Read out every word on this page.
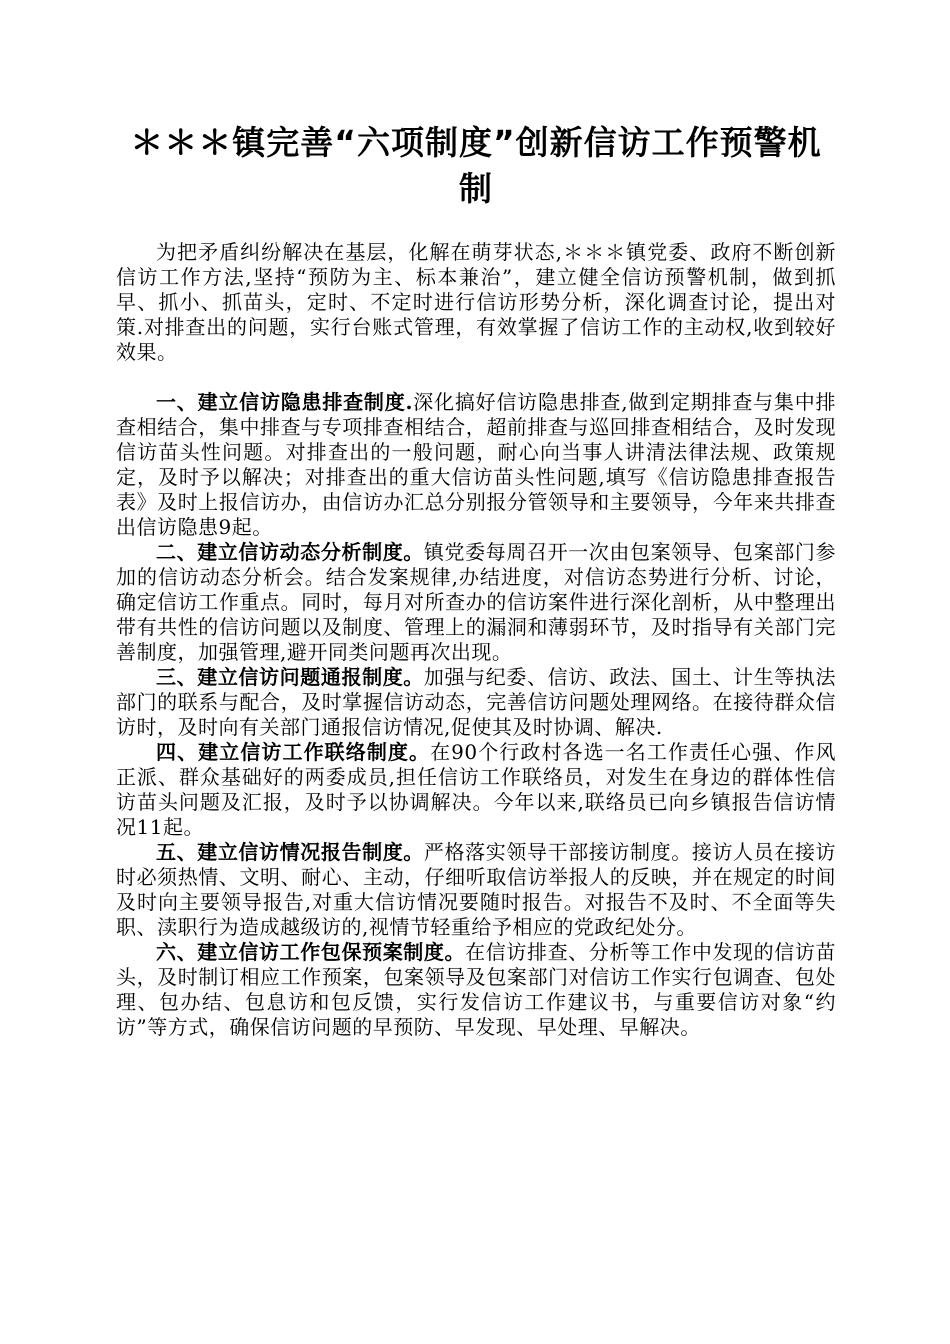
＊＊＊镇完善“六项制度”创新信访工作预警机制

为把矛盾纠纷解决在基层，化解在萌芽状态,＊＊＊镇党委、政府不断创新信访工作方法,坚持“预防为主、标本兼治”，建立健全信访预警机制，做到抓早、抓小、抓苗头，定时、不定时进行信访形势分析，深化调查讨论，提出对策.对排查出的问题，实行台账式管理，有效掌握了信访工作的主动权,收到较好效果。

一、建立信访隐患排查制度.深化搞好信访隐患排查,做到定期排查与集中排查相结合，集中排查与专项排查相结合，超前排查与巡回排查相结合，及时发现信访苗头性问题。对排查出的一般问题，耐心向当事人讲清法律法规、政策规定，及时予以解决；对排查出的重大信访苗头性问题,填写《信访隐患排查报告表》及时上报信访办，由信访办汇总分别报分管领导和主要领导，今年来共排查出信访隐患9起。

二、建立信访动态分析制度。镇党委每周召开一次由包案领导、包案部门参加的信访动态分析会。结合发案规律,办结进度，对信访态势进行分析、讨论，确定信访工作重点。同时，每月对所查办的信访案件进行深化剖析，从中整理出带有共性的信访问题以及制度、管理上的漏洞和薄弱环节，及时指导有关部门完善制度，加强管理,避开同类问题再次出现。

三、建立信访问题通报制度。加强与纪委、信访、政法、国土、计生等执法部门的联系与配合，及时掌握信访动态，完善信访问题处理网络。在接待群众信访时，及时向有关部门通报信访情况,促使其及时协调、解决.

四、建立信访工作联络制度。在90个行政村各选一名工作责任心强、作风正派、群众基础好的两委成员,担任信访工作联络员，对发生在身边的群体性信访苗头问题及汇报，及时予以协调解决。今年以来,联络员已向乡镇报告信访情况11起。

五、建立信访情况报告制度。严格落实领导干部接访制度。接访人员在接访时必须热情、文明、耐心、主动，仔细听取信访举报人的反映，并在规定的时间及时向主要领导报告,对重大信访情况要随时报告。对报告不及时、不全面等失职、渎职行为造成越级访的,视情节轻重给予相应的党政纪处分。

六、建立信访工作包保预案制度。在信访排查、分析等工作中发现的信访苗头，及时制订相应工作预案，包案领导及包案部门对信访工作实行包调查、包处理、包办结、包息访和包反馈，实行发信访工作建议书，与重要信访对象“约访”等方式，确保信访问题的早预防、早发现、早处理、早解决。
